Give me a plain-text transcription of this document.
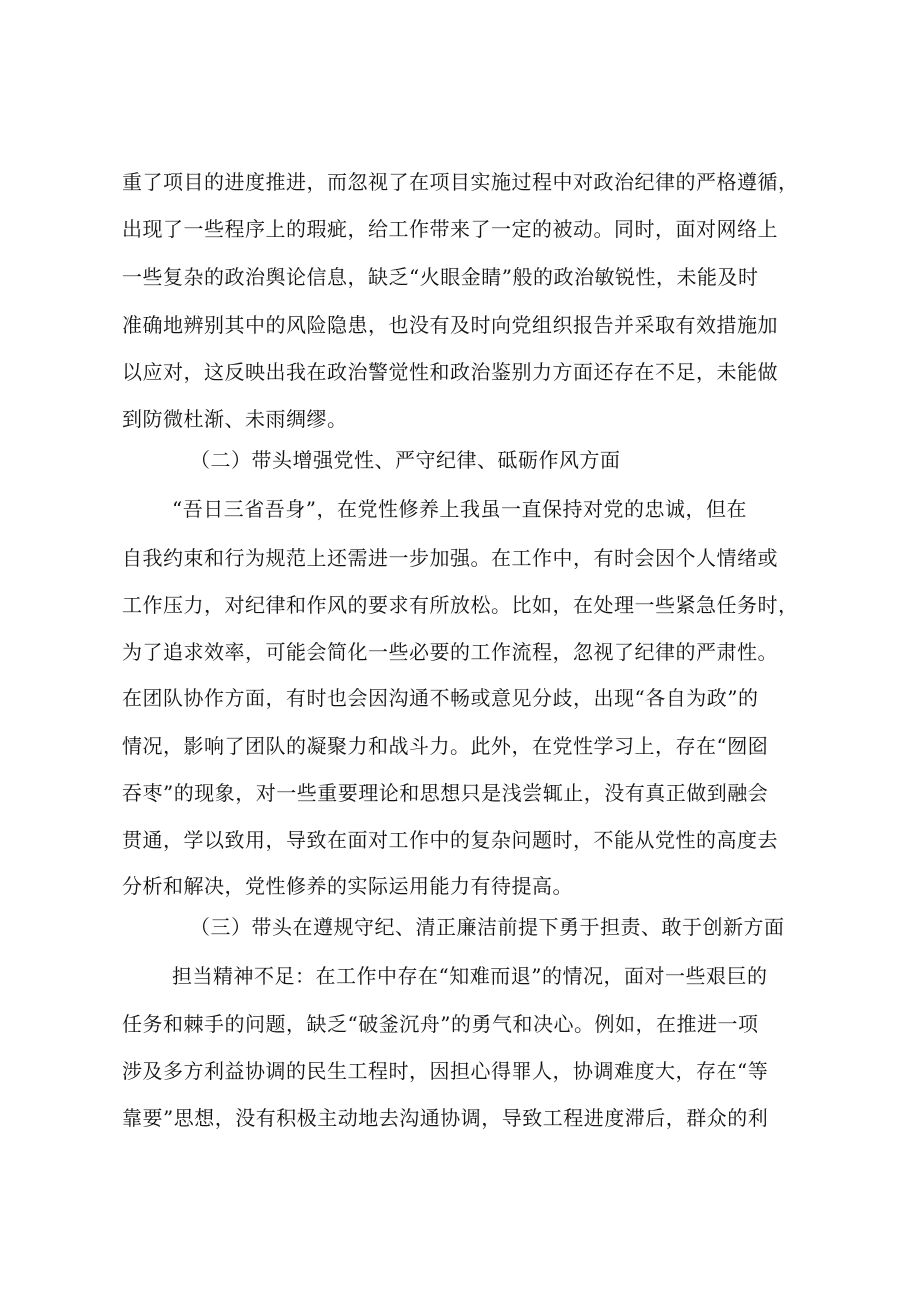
重了项目的进度推进，而忽视了在项目实施过程中对政治纪律的严格遵循，
出现了一些程序上的瑕疵，给工作带来了一定的被动。同时，面对网络上
一些复杂的政治舆论信息，缺乏“火眼金睛”般的政治敏锐性，未能及时
准确地辨别其中的风险隐患，也没有及时向党组织报告并采取有效措施加
以应对，这反映出我在政治警觉性和政治鉴别力方面还存在不足，未能做
到防微杜渐、未雨绸缪。
（二）带头增强党性、严守纪律、砥砺作风方面
“吾日三省吾身”，在党性修养上我虽一直保持对党的忠诚，但在
自我约束和行为规范上还需进一步加强。在工作中，有时会因个人情绪或
工作压力，对纪律和作风的要求有所放松。比如，在处理一些紧急任务时，
为了追求效率，可能会简化一些必要的工作流程，忽视了纪律的严肃性。
在团队协作方面，有时也会因沟通不畅或意见分歧，出现“各自为政”的
情况，影响了团队的凝聚力和战斗力。此外，在党性学习上，存在“囫囵
吞枣”的现象，对一些重要理论和思想只是浅尝辄止，没有真正做到融会
贯通，学以致用，导致在面对工作中的复杂问题时，不能从党性的高度去
分析和解决，党性修养的实际运用能力有待提高。
（三）带头在遵规守纪、清正廉洁前提下勇于担责、敢于创新方面
担当精神不足：在工作中存在“知难而退”的情况，面对一些艰巨的
任务和棘手的问题，缺乏“破釜沉舟”的勇气和决心。例如，在推进一项
涉及多方利益协调的民生工程时，因担心得罪人，协调难度大，存在“等
靠要”思想，没有积极主动地去沟通协调，导致工程进度滞后，群众的利
